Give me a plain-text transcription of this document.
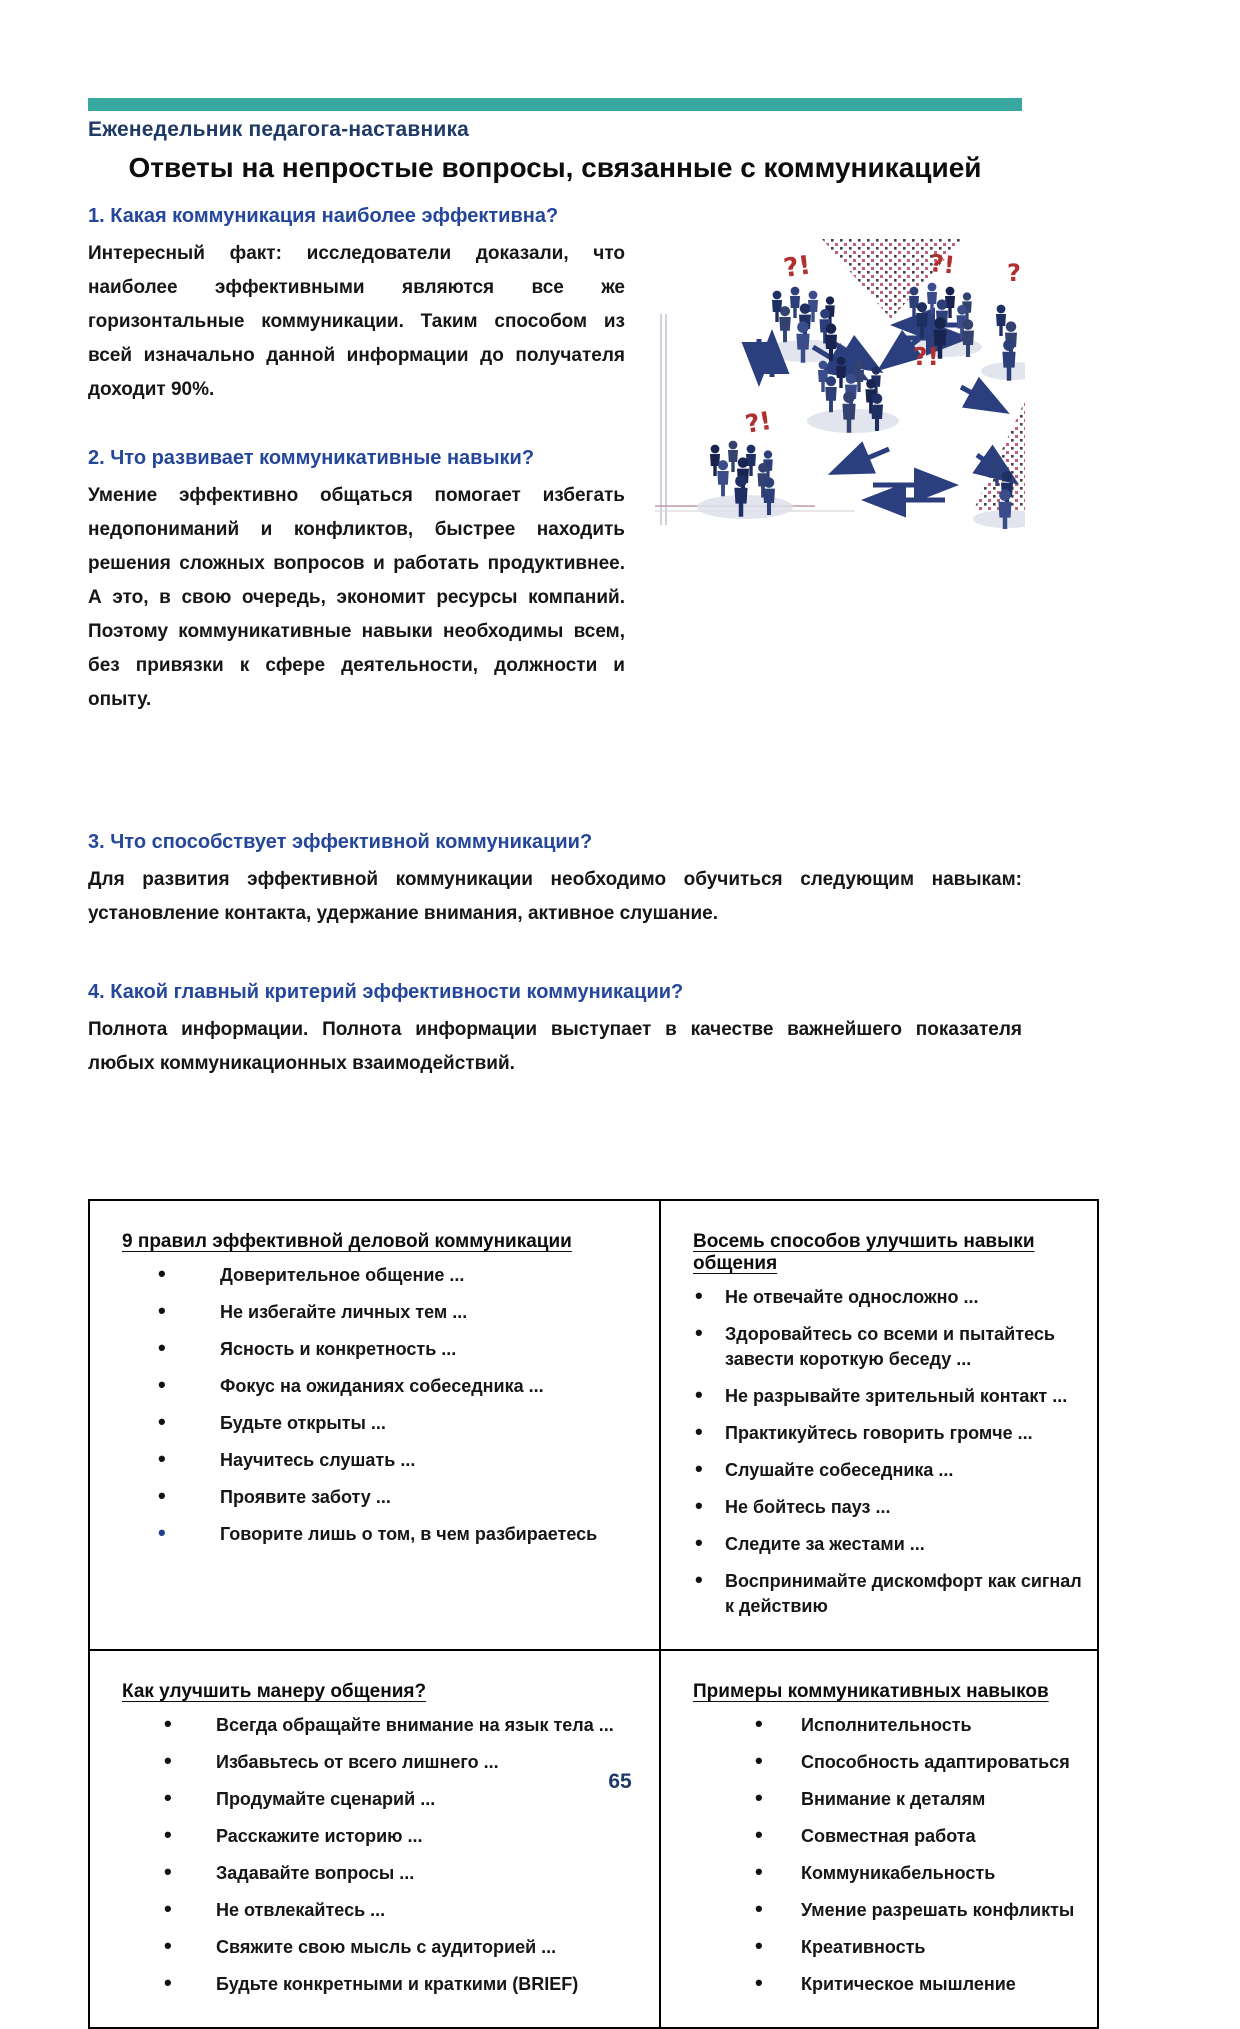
Еженедельник педагога-наставника
Ответы на непростые вопросы, связанные с коммуникацией
1. Какая коммуникация наиболее эффективна?

Интересный факт: исследователи доказали, что наиболее эффективными являются все же горизонтальные коммуникации. Таким способом из всей изначально данной информации до получателя доходит 90%.

2. Что развивает коммуникативные навыки?

Умение эффективно общаться помогает избегать недопониманий и конфликтов, быстрее находить решения сложных вопросов и работать продуктивнее. А это, в свою очередь, экономит ресурсы компаний. Поэтому коммуникативные навыки необходимы всем, без привязки к сфере деятельности, должности и опыту.

?!	?!
?!
?!
?
3. Что способствует эффективной коммуникации?

Для развития эффективной коммуникации необходимо обучиться следующим навыкам: установление контакта, удержание внимания, активное слушание.

4. Какой главный критерий эффективности коммуникации?

Полнота информации. Полнота информации выступает в качестве важнейшего показателя любых коммуникационных взаимодействий.

9 правил эффективной деловой коммуникации
• Доверительное общение ...
• Не избегайте личных тем ...
• Ясность и конкретность ...
• Фокус на ожиданиях собеседника ...
• Будьте открыты ...
• Научитесь слушать ...
• Проявите заботу ...
• Говорите лишь о том, в чем разбираетесь

Восемь способов улучшить навыки общения
• Не отвечайте односложно ...
• Здоровайтесь со всеми и пытайтесь завести короткую беседу ...
• Не разрывайте зрительный контакт ...
• Практикуйтесь говорить громче ...
• Слушайте собеседника ...
• Не бойтесь пауз ...
• Следите за жестами ...
• Воспринимайте дискомфорт как сигнал к действию

Как улучшить манеру общения?
• Всегда обращайте внимание на язык тела ...
• Избавьтесь от всего лишнего ...
• Продумайте сценарий ...
• Расскажите историю ...
• Задавайте вопросы ...
• Не отвлекайтесь ...
• Свяжите свою мысль с аудиторией ...
• Будьте конкретными и краткими (BRIEF)

Примеры коммуникативных навыков
• Исполнительность
• Способность адаптироваться
• Внимание к деталям
• Совместная работа
• Коммуникабельность
• Умение разрешать конфликты
• Креативность
• Критическое мышление
65
